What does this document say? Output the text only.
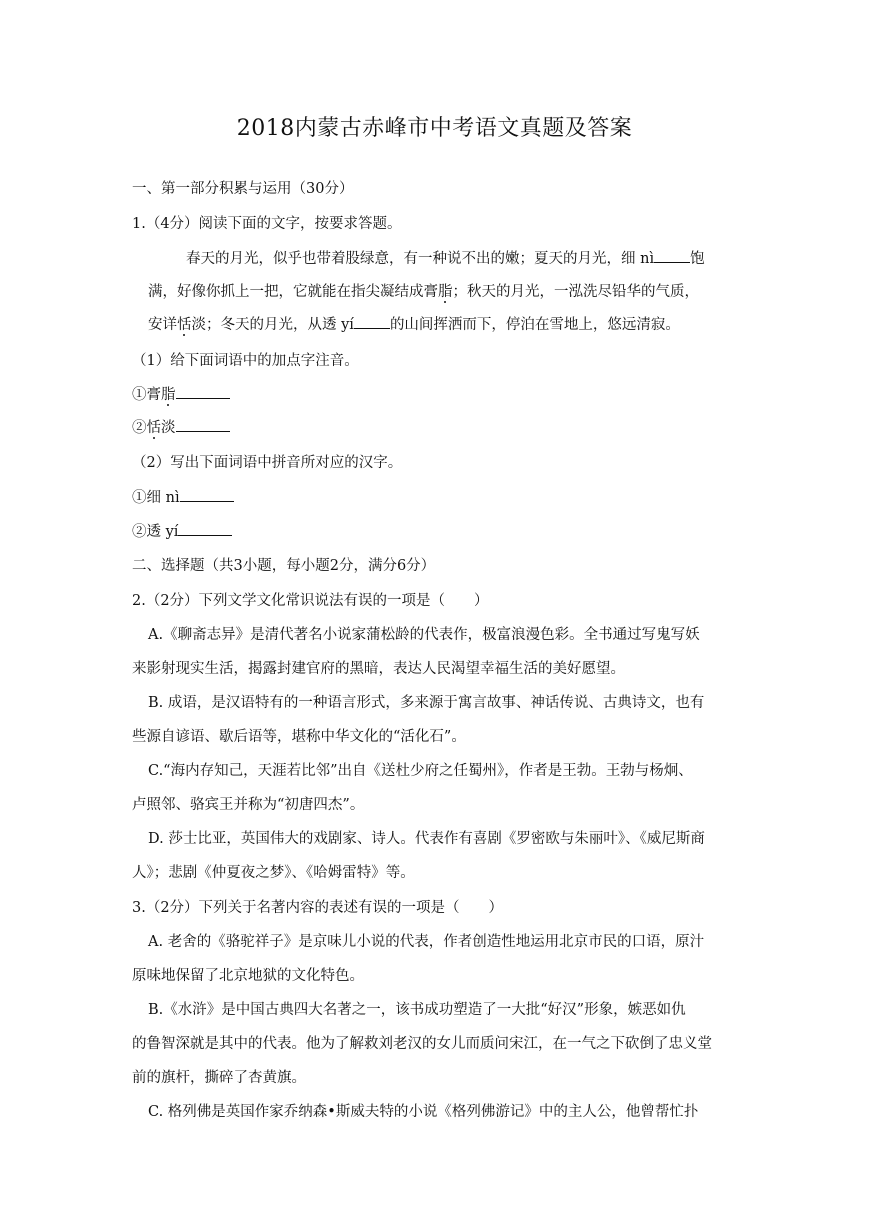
2018内蒙古赤峰市中考语文真题及答案
一、第一部分积累与运用（30分）
1.（4分）阅读下面的文字，按要求答题。
春天的月光，似乎也带着股绿意，有一种说不出的嫩；夏天的月光，细 nì 饱
满，好像你抓上一把，它就能在指尖凝结成膏脂；秋天的月光，一泓洗尽铅华的气质，
安详恬淡；冬天的月光，从透 yí 的山间挥洒而下，停泊在雪地上，悠远清寂。
（1）给下面词语中的加点字注音。
①膏脂
②恬淡
（2）写出下面词语中拼音所对应的汉字。
①细 nì
②透 yí
二、选择题（共3小题，每小题2分，满分6分）
2.（2分）下列文学文化常识说法有误的一项是（　　）
A.《聊斋志异》是清代著名小说家蒲松龄的代表作，极富浪漫色彩。全书通过写鬼写妖
来影射现实生活，揭露封建官府的黑暗，表达人民渴望幸福生活的美好愿望。
B. 成语，是汉语特有的一种语言形式，多来源于寓言故事、神话传说、古典诗文，也有
些源自谚语、歇后语等，堪称中华文化的“活化石”。
C.“海内存知己，天涯若比邻”出自《送杜少府之任蜀州》，作者是王勃。王勃与杨炯、
卢照邻、骆宾王并称为“初唐四杰”。
D. 莎士比亚，英国伟大的戏剧家、诗人。代表作有喜剧《罗密欧与朱丽叶》、《威尼斯商
人》；悲剧《仲夏夜之梦》、《哈姆雷特》等。
3.（2分）下列关于名著内容的表述有误的一项是（　　）
A. 老舍的《骆驼祥子》是京味儿小说的代表，作者创造性地运用北京市民的口语，原汁
原味地保留了北京地狱的文化特色。
B.《水浒》是中国古典四大名著之一，该书成功塑造了一大批“好汉”形象，嫉恶如仇
的鲁智深就是其中的代表。他为了解救刘老汉的女儿而质问宋江，在一气之下砍倒了忠义堂
前的旗杆，撕碎了杏黄旗。
C. 格列佛是英国作家乔纳森•斯威夫特的小说《格列佛游记》中的主人公，他曾帮忙扑
